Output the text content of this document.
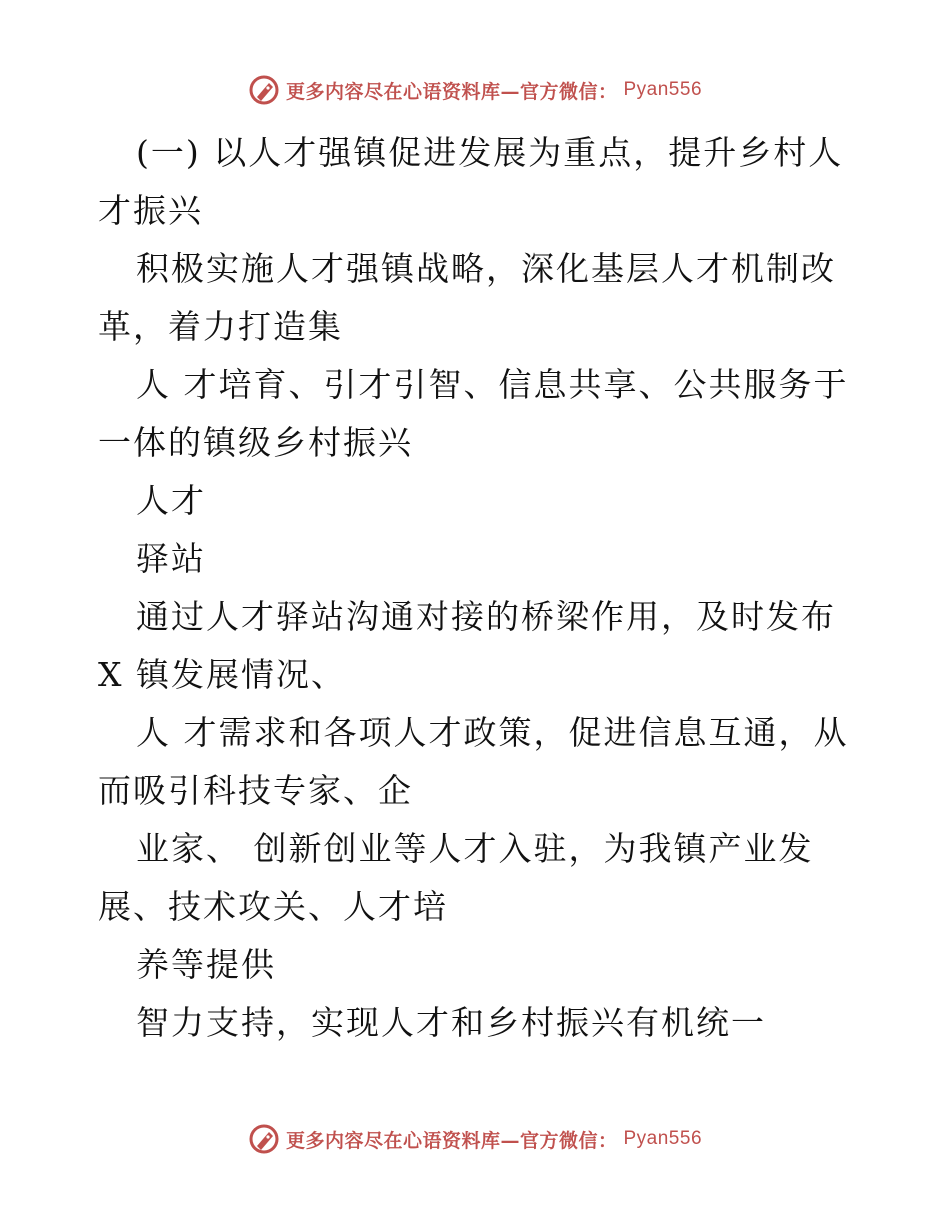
更多内容尽在心语资料库—官方微信： Pyan556

(一) 以人才强镇促进发展为重点，提升乡村人才振兴

积极实施人才强镇战略，深化基层人才机制改革，着力打造集

人 才培育、引才引智、信息共享、公共服务于一体的镇级乡村振兴

人才

驿站

通过人才驿站沟通对接的桥梁作用，及时发布 X 镇发展情况、

人 才需求和各项人才政策，促进信息互通，从而吸引科技专家、企

业家、 创新创业等人才入驻，为我镇产业发展、技术攻关、人才培

养等提供

智力支持，实现人才和乡村振兴有机统一

更多内容尽在心语资料库—官方微信： Pyan556
